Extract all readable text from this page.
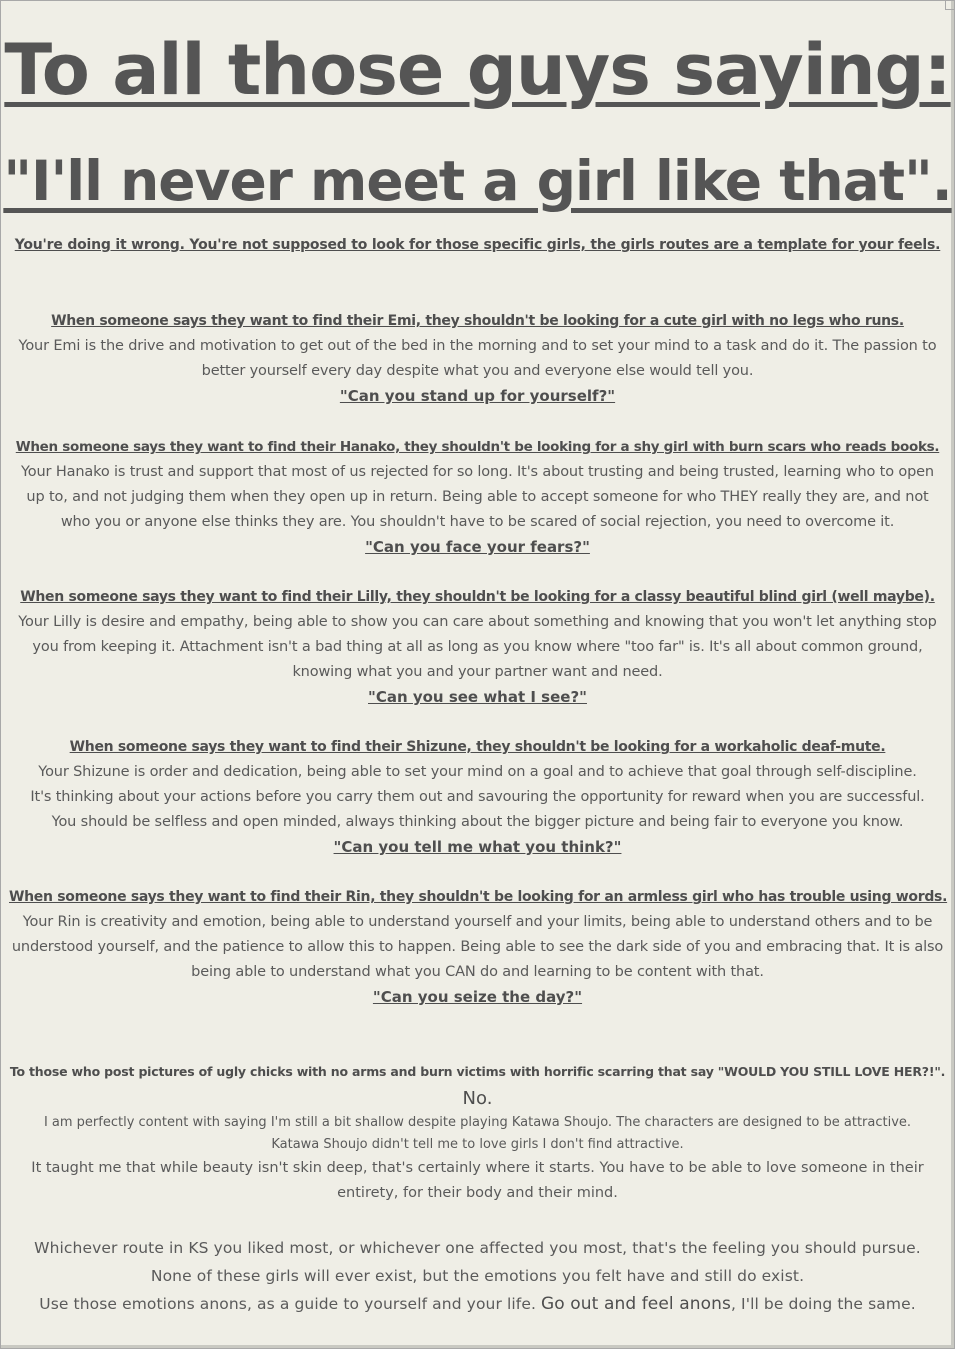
To all those guys saying:
"I'll never meet a girl like that".
You're doing it wrong. You're not supposed to look for those specific girls, the girls routes are a template for your feels.
When someone says they want to find their Emi, they shouldn't be looking for a cute girl with no legs who runs.
Your Emi is the drive and motivation to get out of the bed in the morning and to set your mind to a task and do it. The passion to
better yourself every day despite what you and everyone else would tell you.
"Can you stand up for yourself?"
When someone says they want to find their Hanako, they shouldn't be looking for a shy girl with burn scars who reads books.
Your Hanako is trust and support that most of us rejected for so long. It's about trusting and being trusted, learning who to open
up to, and not judging them when they open up in return. Being able to accept someone for who THEY really they are, and not
who you or anyone else thinks they are. You shouldn't have to be scared of social rejection, you need to overcome it.
"Can you face your fears?"
When someone says they want to find their Lilly, they shouldn't be looking for a classy beautiful blind girl (well maybe).
Your Lilly is desire and empathy, being able to show you can care about something and knowing that you won't let anything stop
you from keeping it. Attachment isn't a bad thing at all as long as you know where "too far" is. It's all about common ground,
knowing what you and your partner want and need.
"Can you see what I see?"
When someone says they want to find their Shizune, they shouldn't be looking for a workaholic deaf-mute.
Your Shizune is order and dedication, being able to set your mind on a goal and to achieve that goal through self-discipline.
It's thinking about your actions before you carry them out and savouring the opportunity for reward when you are successful.
You should be selfless and open minded, always thinking about the bigger picture and being fair to everyone you know.
"Can you tell me what you think?"
When someone says they want to find their Rin, they shouldn't be looking for an armless girl who has trouble using words.
Your Rin is creativity and emotion, being able to understand yourself and your limits, being able to understand others and to be
understood yourself, and the patience to allow this to happen. Being able to see the dark side of you and embracing that. It is also
being able to understand what you CAN do and learning to be content with that.
"Can you seize the day?"
To those who post pictures of ugly chicks with no arms and burn victims with horrific scarring that say "WOULD YOU STILL LOVE HER?!".
No.
I am perfectly content with saying I'm still a bit shallow despite playing Katawa Shoujo. The characters are designed to be attractive.
Katawa Shoujo didn't tell me to love girls I don't find attractive.
It taught me that while beauty isn't skin deep, that's certainly where it starts. You have to be able to love someone in their
entirety, for their body and their mind.
Whichever route in KS you liked most, or whichever one affected you most, that's the feeling you should pursue.
None of these girls will ever exist, but the emotions you felt have and still do exist.
Use those emotions anons, as a guide to yourself and your life. Go out and feel anons, I'll be doing the same.
